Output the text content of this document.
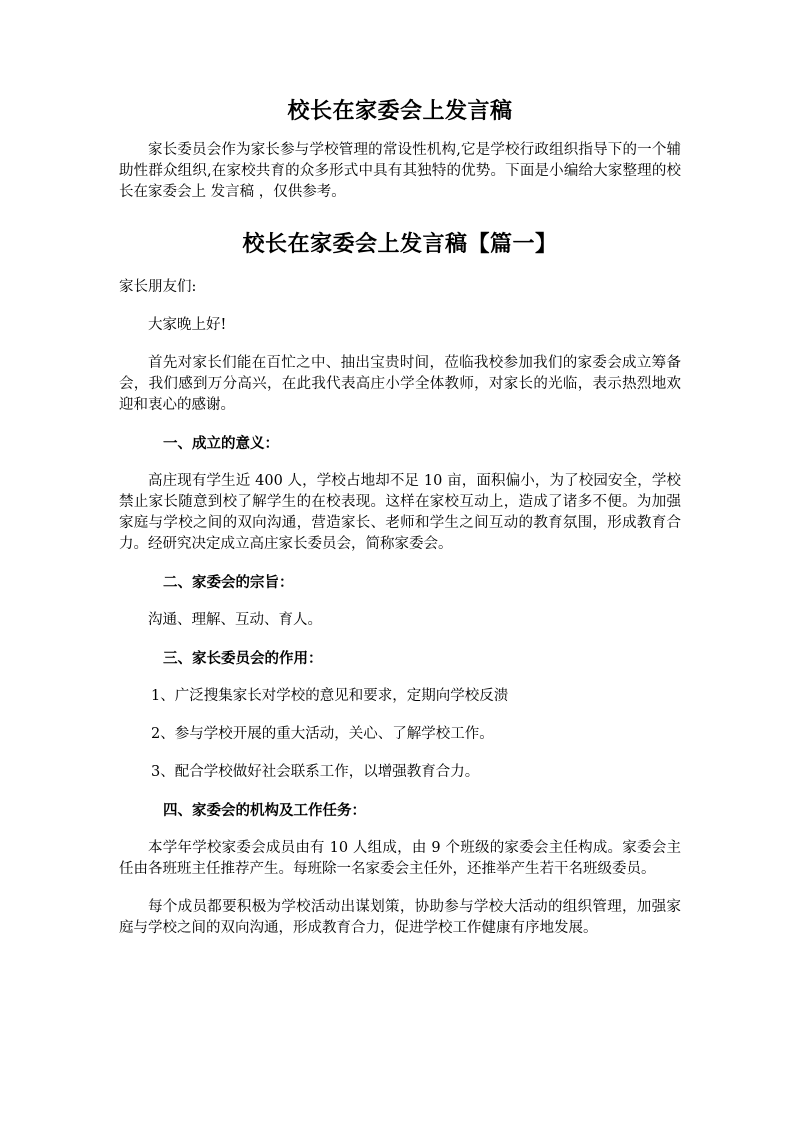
校长在家委会上发言稿

家长委员会作为家长参与学校管理的常设性机构,它是学校行政组织指导下的一个辅助性群众组织,在家校共育的众多形式中具有其独特的优势。下面是小编给大家整理的校长在家委会上 发言稿 ，仅供参考。

校长在家委会上发言稿【篇一】

家长朋友们:

大家晚上好!

首先对家长们能在百忙之中、抽出宝贵时间，莅临我校参加我们的家委会成立筹备会，我们感到万分高兴，在此我代表高庄小学全体教师，对家长的光临，表示热烈地欢迎和衷心的感谢。

一、成立的意义：

高庄现有学生近 400 人，学校占地却不足 10 亩，面积偏小，为了校园安全，学校禁止家长随意到校了解学生的在校表现。这样在家校互动上，造成了诸多不便。为加强家庭与学校之间的双向沟通，营造家长、老师和学生之间互动的教育氛围，形成教育合力。经研究决定成立高庄家长委员会，简称家委会。

二、家委会的宗旨：

沟通、理解、互动、育人。

三、家长委员会的作用：

1、广泛搜集家长对学校的意见和要求，定期向学校反溃

2、参与学校开展的重大活动，关心、了解学校工作。

3、配合学校做好社会联系工作，以增强教育合力。

四、家委会的机构及工作任务：

本学年学校家委会成员由有 10 人组成，由 9 个班级的家委会主任构成。家委会主任由各班班主任推荐产生。每班除一名家委会主任外，还推举产生若干名班级委员。

每个成员都要积极为学校活动出谋划策，协助参与学校大活动的组织管理，加强家庭与学校之间的双向沟通，形成教育合力，促进学校工作健康有序地发展。
